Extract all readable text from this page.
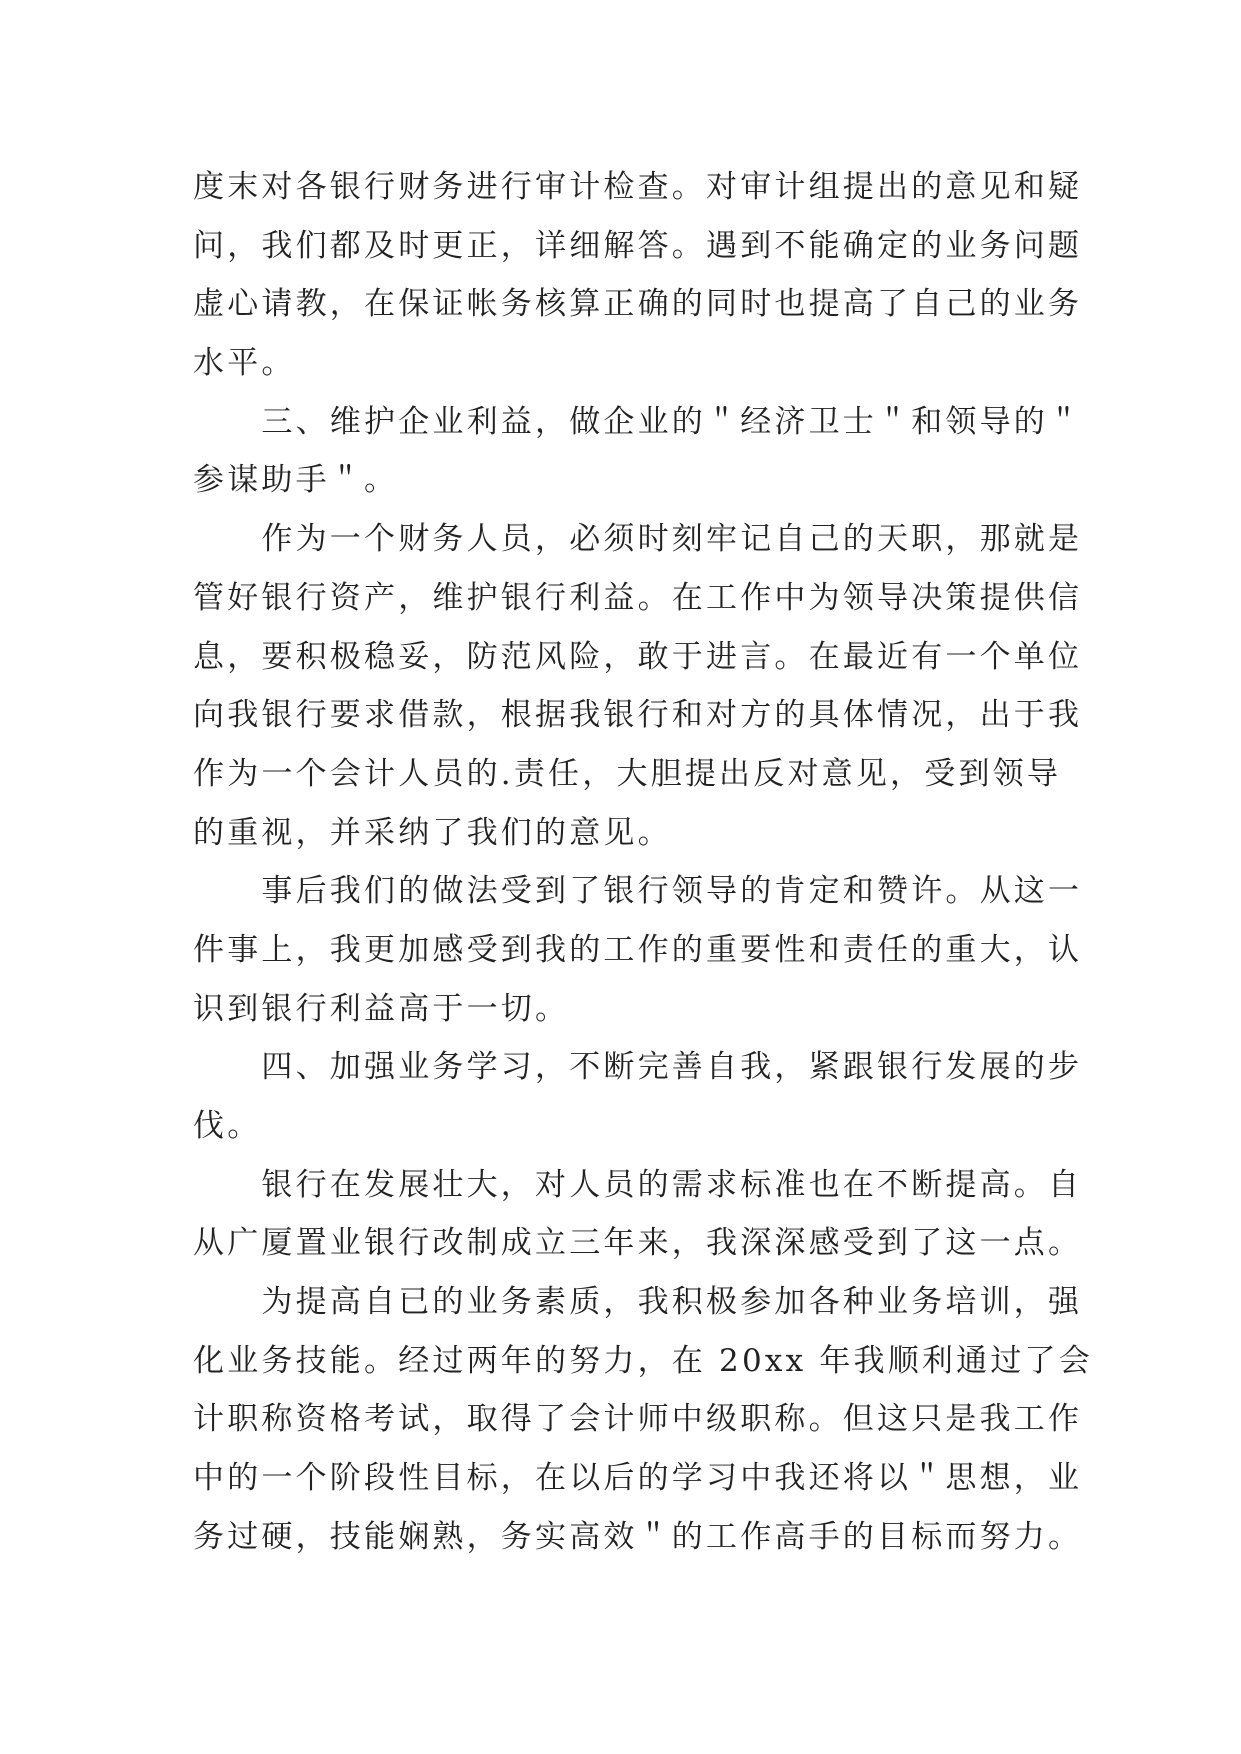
度末对各银行财务进行审计检查。对审计组提出的意见和疑
问，我们都及时更正，详细解答。遇到不能确定的业务问题
虚心请教，在保证帐务核算正确的同时也提高了自己的业务
水平。
　　三、维护企业利益，做企业的＂经济卫士＂和领导的＂
参谋助手＂。
　　作为一个财务人员，必须时刻牢记自己的天职，那就是
管好银行资产，维护银行利益。在工作中为领导决策提供信
息，要积极稳妥，防范风险，敢于进言。在最近有一个单位
向我银行要求借款，根据我银行和对方的具体情况，出于我
作为一个会计人员的.责任，大胆提出反对意见，受到领导
的重视，并采纳了我们的意见。
　　事后我们的做法受到了银行领导的肯定和赞许。从这一
件事上，我更加感受到我的工作的重要性和责任的重大，认
识到银行利益高于一切。
　　四、加强业务学习，不断完善自我，紧跟银行发展的步
伐。
　　银行在发展壮大，对人员的需求标准也在不断提高。自
从广厦置业银行改制成立三年来，我深深感受到了这一点。
　　为提高自已的业务素质，我积极参加各种业务培训，强
化业务技能。经过两年的努力，在 20xx 年我顺利通过了会
计职称资格考试，取得了会计师中级职称。但这只是我工作
中的一个阶段性目标，在以后的学习中我还将以＂思想，业
务过硬，技能娴熟，务实高效＂的工作高手的目标而努力。
